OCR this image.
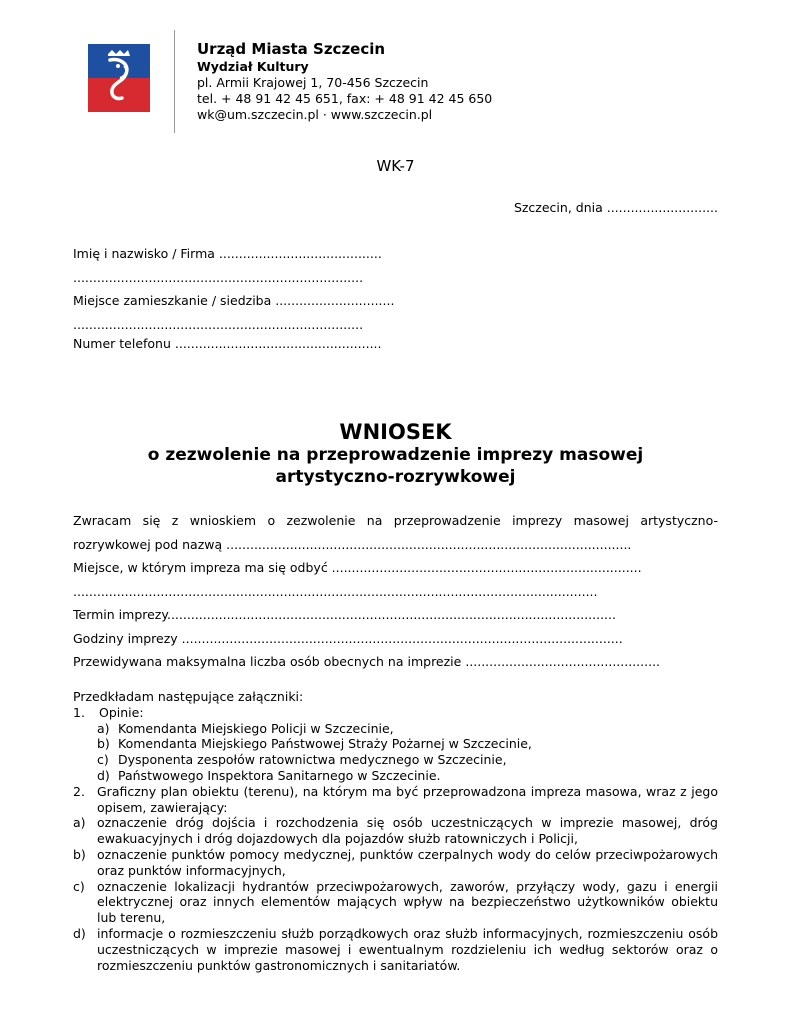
Urząd Miasta Szczecin
Wydział Kultury
pl. Armii Krajowej 1, 70-456 Szczecin
tel. + 48 91 42 45 651, fax: + 48 91 42 45 650
wk@um.szczecin.pl · www.szczecin.pl
WK-7
Szczecin, dnia ............................
Imię i nazwisko / Firma .........................................
.........................................................................
Miejsce zamieszkanie / siedziba ..............................
.........................................................................
Numer telefonu ....................................................
WNIOSEK
o zezwolenie na przeprowadzenie imprezy masowej
artystyczno-rozrywkowej
Zwracam się z wnioskiem o zezwolenie na przeprowadzenie imprezy masowej artystyczno-
rozrywkowej pod nazwą ......................................................................................................
Miejsce, w którym impreza ma się odbyć ..............................................................................
....................................................................................................................................
Termin imprezy.................................................................................................................
Godziny imprezy ...............................................................................................................
Przewidywana maksymalna liczba osób obecnych na imprezie .................................................
Przedkładam następujące załączniki:
1.	Opinie:
a) Komendanta Miejskiego Policji w Szczecinie,
b) Komendanta Miejskiego Państwowej Straży Pożarnej w Szczecinie,
c) Dysponenta zespołów ratownictwa medycznego w Szczecinie,
d) Państwowego Inspektora Sanitarnego w Szczecinie.
2. Graficzny plan obiektu (terenu), na którym ma być przeprowadzona impreza masowa, wraz z jego opisem, zawierający:
a) oznaczenie dróg dojścia i rozchodzenia się osób uczestniczących w imprezie masowej, dróg ewakuacyjnych i dróg dojazdowych dla pojazdów służb ratowniczych i Policji,
b) oznaczenie punktów pomocy medycznej, punktów czerpalnych wody do celów przeciwpożarowych oraz punktów informacyjnych,
c) oznaczenie lokalizacji hydrantów przeciwpożarowych, zaworów, przyłączy wody, gazu i energii elektrycznej oraz innych elementów mających wpływ na bezpieczeństwo użytkowników obiektu lub terenu,
d) informacje o rozmieszczeniu służb porządkowych oraz służb informacyjnych, rozmieszczeniu osób uczestniczących w imprezie masowej i ewentualnym rozdzieleniu ich według sektorów oraz o rozmieszczeniu punktów gastronomicznych i sanitariatów.
